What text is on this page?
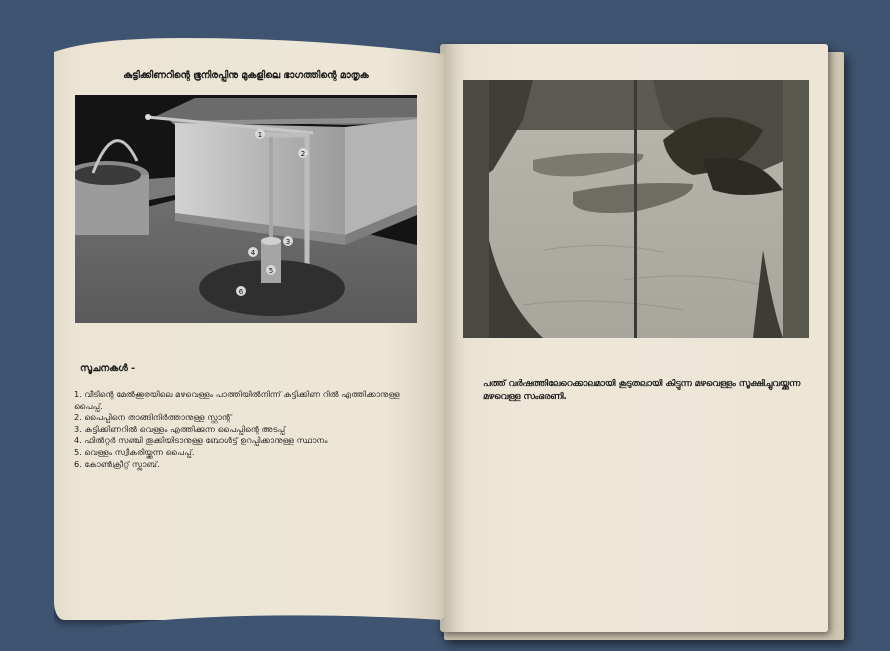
കുട്ടിക്കിണറിന്റെ ഭൂനിരപ്പിനു മുകളിലെ ഭാഗത്തിന്റെ മാതൃക
1
2
3
4
5
6
സൂചനകൾ -
1. വീടിന്റെ മേൽക്കൂരയിലെ മഴവെള്ളം പാത്തിയിൽനിന്ന് കുട്ടിക്കിണ റിൽ എത്തിക്കാനുള്ള പൈപ്പ്.
2. പൈപ്പിനെ താങ്ങിനിർത്താനുള്ള സ്റ്റാന്റ്
3. കുട്ടിക്കിണറിൽ വെള്ളം എത്തിക്കുന്ന പൈപ്പിന്റെ അടപ്പ്
4. ഫിൽറ്റർ സഞ്ചി തൂക്കിയിടാനുള്ള ബോൾട്ട് ഉറപ്പിക്കാനുള്ള സ്ഥാനം
5. വെള്ളം സ്വീകരിയ്ക്കുന്ന പൈപ്പ്.
6. കോൺക്രീറ്റ് സ്ലാബ്.
പത്ത് വർഷത്തിലേറെക്കാലമായി കൂടുതലായി കിട്ടുന്ന മഴവെള്ളം സൂക്ഷിച്ചുവയ്ക്കുന്ന മഴവെള്ള സംഭരണി.
